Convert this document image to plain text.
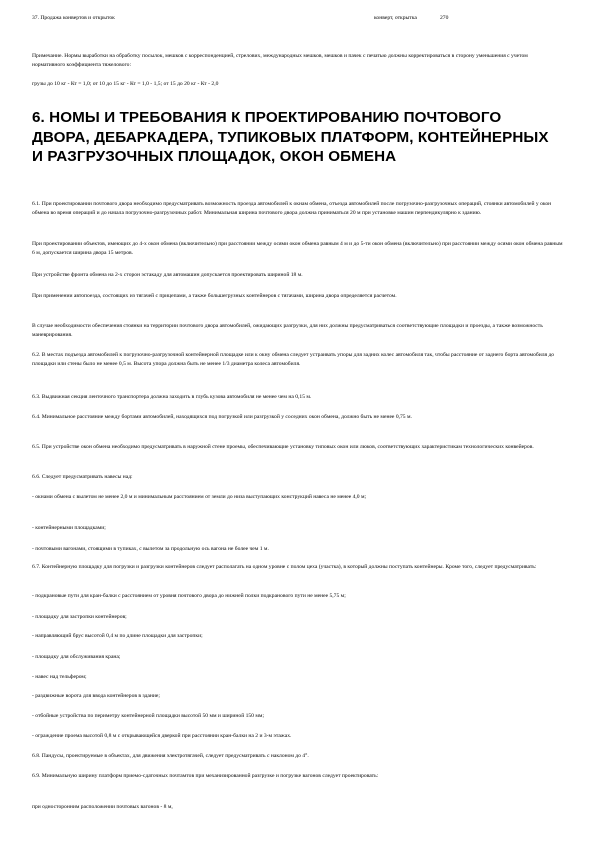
37. Продажа конвертов и открыток	конверт, открытка	270
Примечание. Нормы выработки на обработку посылок, мешков с корреспонденцией, стрелових, международных мешков, мешков и пачек с печатью должны корректироваться в сторону уменьшения с учетом нормативного коэффициента тяжелового:
грузы до 10 кг - Кт = 1,0; от 10 до 15 кг - Кт = 1,0 - 1,5; от 15 до 20 кг - Кт - 2,0
6. НОМЫ И ТРЕБОВАНИЯ К ПРОЕКТИРОВАНИЮ ПОЧТОВОГО ДВОРА, ДЕБАРКАДЕРА, ТУПИКОВЫХ ПЛАТФОРМ, КОНТЕЙНЕРНЫХ И РАЗГРУЗОЧНЫХ ПЛОЩАДОК, ОКОН ОБМЕНА

6.1. При проектировании почтового двора необходимо предусматривать возможность проезда автомобилей к окнам обмена, отъезда автомобилей после погрузочно-разгрузочных операций, стоянки автомобилей у окон обмена во время операций и до начала погрузочно-разгрузочных работ. Минимальная ширина почтового двора должна приниматься 20 м при установке машин перпендикулярно к зданию.

При проектировании объектов, имеющих до 4-х окон обмена (включительно) при расстоянии между осями окон обмена равным 4 м и до 5-ти окон обмена (включительно) при расстоянии между осями окон обмена равным 6 м, допускается ширина двора 15 метров.

При устройстве фронта обмена на 2-х сторон эстакаду для автомашин допускается проектировать шириной 18 м.

При применении автопоезда, состоящих из тягачей с прицепами, а также большегрузных контейнеров с тягачами, ширина двора определяется расчетом.

В случае необходимости обеспечения стоянки на территории почтового двора автомобилей, ожидающих разгрузки, для них должны предусматриваться соответствующие площадки и проезды, а также возможность маневрирования.

6.2. В местах подъезда автомобилей к погрузочно-разгрузочной контейнерной площадке или к окну обмена следует устраивать упоры для задних колес автомобиля так, чтобы расстояние от заднего борта автомобиля до площадки или стены было не менее 0,5 м. Высота упора должна быть не менее 1/3 диаметра колеса автомобиля.

6.3. Выдвижная секция ленточного транспортера должна заходить в глубь кузова автомобиля не менее чем на 0,15 м.

6.4. Минимальное расстояние между бортами автомобилей, находящихся под погрузкой или разгрузкой у соседних окон обмена, должно быть не менее 0,75 м.

6.5. При устройстве окон обмена необходимо предусматривать в наружной стене проемы, обеспечивающие установку типовых окон или люков, соответствующих характеристикам технологических конвейеров.

6.6. Следует предусматривать навесы над:

- окнами обмена с вылетом не менее 2,0 м и минимальным расстоянием от земли до низа выступающих конструкций навеса не менее 4,0 м;

- контейнерными площадками;

- почтовыми вагонами, стоящими в тупиках, с вылетом за продольную ось вагона не более чем 1 м.

6.7. Контейнерную площадку для погрузки и разгрузки контейнеров следует располагать на одном уровне с полом цеха (участка), в который должны поступать контейнеры. Кроме того, следует предусматривать:

- подкрановые пути для кран-балки с расстоянием от уровня почтового двора до нижней полки подкранового пути не менее 5,75 м;

- площадку для застропки контейнеров;

- направляющий брус высотой 0,4 м по длине площадки для застропки;

- площадку для обслуживания крана;

- навес над тельфером;

- раздвижные ворота для ввода контейнеров в здание;

- отбойные устройства по периметру контейнерной площадки высотой 50 мм и шириной 150 мм;

- ограждение проема высотой 0,8 м с открывающейся дверкой при расстоянии кран-балки на 2 и 3-м этажах.

6.8. Пандусы, проектируемые в объектах, для движения электротягачей, следует предусматривать с наклоном до 4°.

6.9. Минимальную ширину платформ приемо-сдаточных почтамтов при механизированной разгрузке и погрузке вагонов следует проектировать:

при односторонним расположении почтовых вагонов - 8 м,
